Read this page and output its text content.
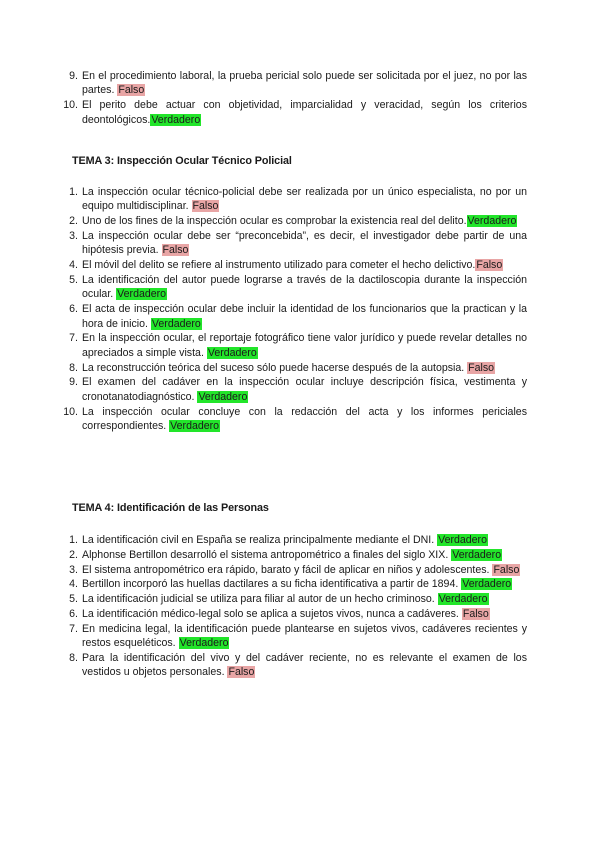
9. En el procedimiento laboral, la prueba pericial solo puede ser solicitada por el juez, no por las partes. Falso
10. El perito debe actuar con objetividad, imparcialidad y veracidad, según los criterios deontológicos.Verdadero
TEMA 3: Inspección Ocular Técnico Policial
1. La inspección ocular técnico-policial debe ser realizada por un único especialista, no por un equipo multidisciplinar. Falso
2. Uno de los fines de la inspección ocular es comprobar la existencia real del delito.Verdadero
3. La inspección ocular debe ser “preconcebida”, es decir, el investigador debe partir de una hipótesis previa. Falso
4. El móvil del delito se refiere al instrumento utilizado para cometer el hecho delictivo.Falso
5. La identificación del autor puede lograrse a través de la dactiloscopia durante la inspección ocular. Verdadero
6. El acta de inspección ocular debe incluir la identidad de los funcionarios que la practican y la hora de inicio. Verdadero
7. En la inspección ocular, el reportaje fotográfico tiene valor jurídico y puede revelar detalles no apreciados a simple vista. Verdadero
8. La reconstrucción teórica del suceso sólo puede hacerse después de la autopsia. Falso
9. El examen del cadáver en la inspección ocular incluye descripción física, vestimenta y cronotanatodiagnóstico. Verdadero
10. La inspección ocular concluye con la redacción del acta y los informes periciales correspondientes. Verdadero
TEMA 4: Identificación de las Personas
1. La identificación civil en España se realiza principalmente mediante el DNI. Verdadero
2. Alphonse Bertillon desarrolló el sistema antropométrico a finales del siglo XIX. Verdadero
3. El sistema antropométrico era rápido, barato y fácil de aplicar en niños y adolescentes. Falso
4. Bertillon incorporó las huellas dactilares a su ficha identificativa a partir de 1894. Verdadero
5. La identificación judicial se utiliza para filiar al autor de un hecho criminoso. Verdadero
6. La identificación médico-legal solo se aplica a sujetos vivos, nunca a cadáveres. Falso
7. En medicina legal, la identificación puede plantearse en sujetos vivos, cadáveres recientes y restos esqueléticos. Verdadero
8. Para la identificación del vivo y del cadáver reciente, no es relevante el examen de los vestidos u objetos personales. Falso
